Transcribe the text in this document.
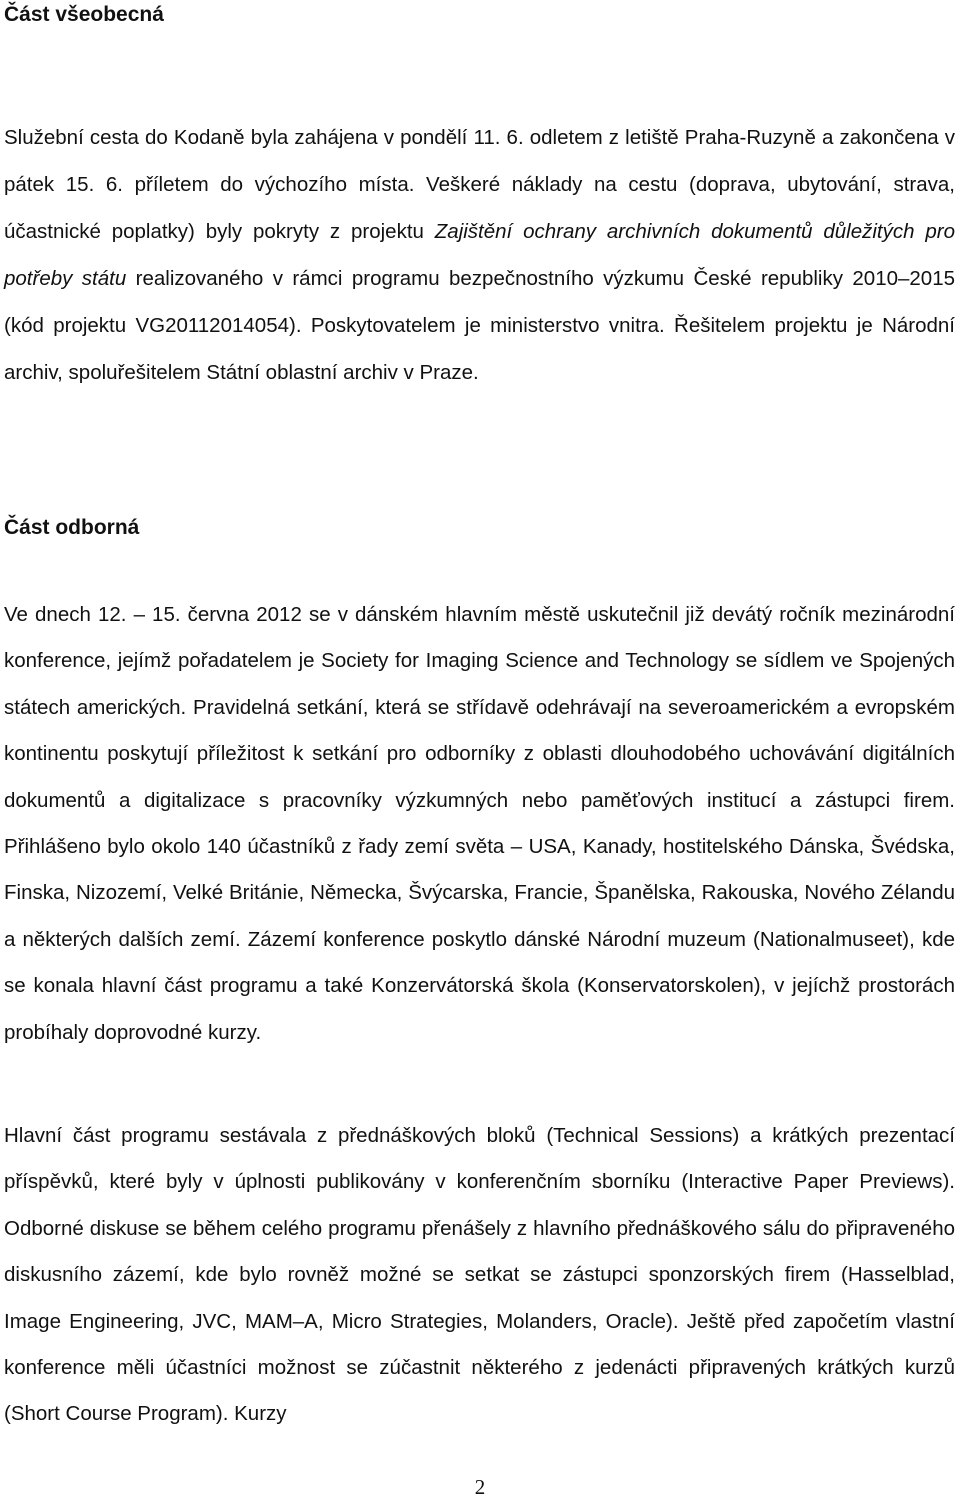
Část všeobecná

Služební cesta do Kodaně byla zahájena v pondělí 11. 6. odletem z letiště Praha-Ruzyně a zakončena v pátek 15. 6. příletem do výchozího místa. Veškeré náklady na cestu (doprava, ubytování, strava, účastnické poplatky) byly pokryty z projektu Zajištění ochrany archivních dokumentů důležitých pro potřeby státu realizovaného v rámci programu bezpečnostního výzkumu České republiky 2010–2015 (kód projektu VG20112014054). Poskytovatelem je ministerstvo vnitra. Řešitelem projektu je Národní archiv, spoluřešitelem Státní oblastní archiv v Praze.

Část odborná

Ve dnech 12. – 15. června 2012 se v dánském hlavním městě uskutečnil již devátý ročník mezinárodní konference, jejímž pořadatelem je Society for Imaging Science and Technology se sídlem ve Spojených státech amerických. Pravidelná setkání, která se střídavě odehrávají na severoamerickém a evropském kontinentu poskytují příležitost k setkání pro odborníky z oblasti dlouhodobého uchovávání digitálních dokumentů a digitalizace s pracovníky výzkumných nebo paměťových institucí a zástupci firem. Přihlášeno bylo okolo 140 účastníků z řady zemí světa – USA, Kanady, hostitelského Dánska, Švédska, Finska, Nizozemí, Velké Británie, Německa, Švýcarska, Francie, Španělska, Rakouska, Nového Zélandu a některých dalších zemí. Zázemí konference poskytlo dánské Národní muzeum (Nationalmuseet), kde se konala hlavní část programu a také Konzervátorská škola (Konservatorskolen), v jejíchž prostorách probíhaly doprovodné kurzy.

Hlavní část programu sestávala z přednáškových bloků (Technical Sessions) a krátkých prezentací příspěvků, které byly v úplnosti publikovány v konferenčním sborníku (Interactive Paper Previews). Odborné diskuse se během celého programu přenášely z hlavního přednáškového sálu do připraveného diskusního zázemí, kde bylo rovněž možné se setkat se zástupci sponzorských firem (Hasselblad, Image Engineering, JVC, MAM–A, Micro Strategies, Molanders, Oracle). Ještě před započetím vlastní konference měli účastníci možnost se zúčastnit některého z jedenácti připravených krátkých kurzů (Short Course Program). Kurzy

2
